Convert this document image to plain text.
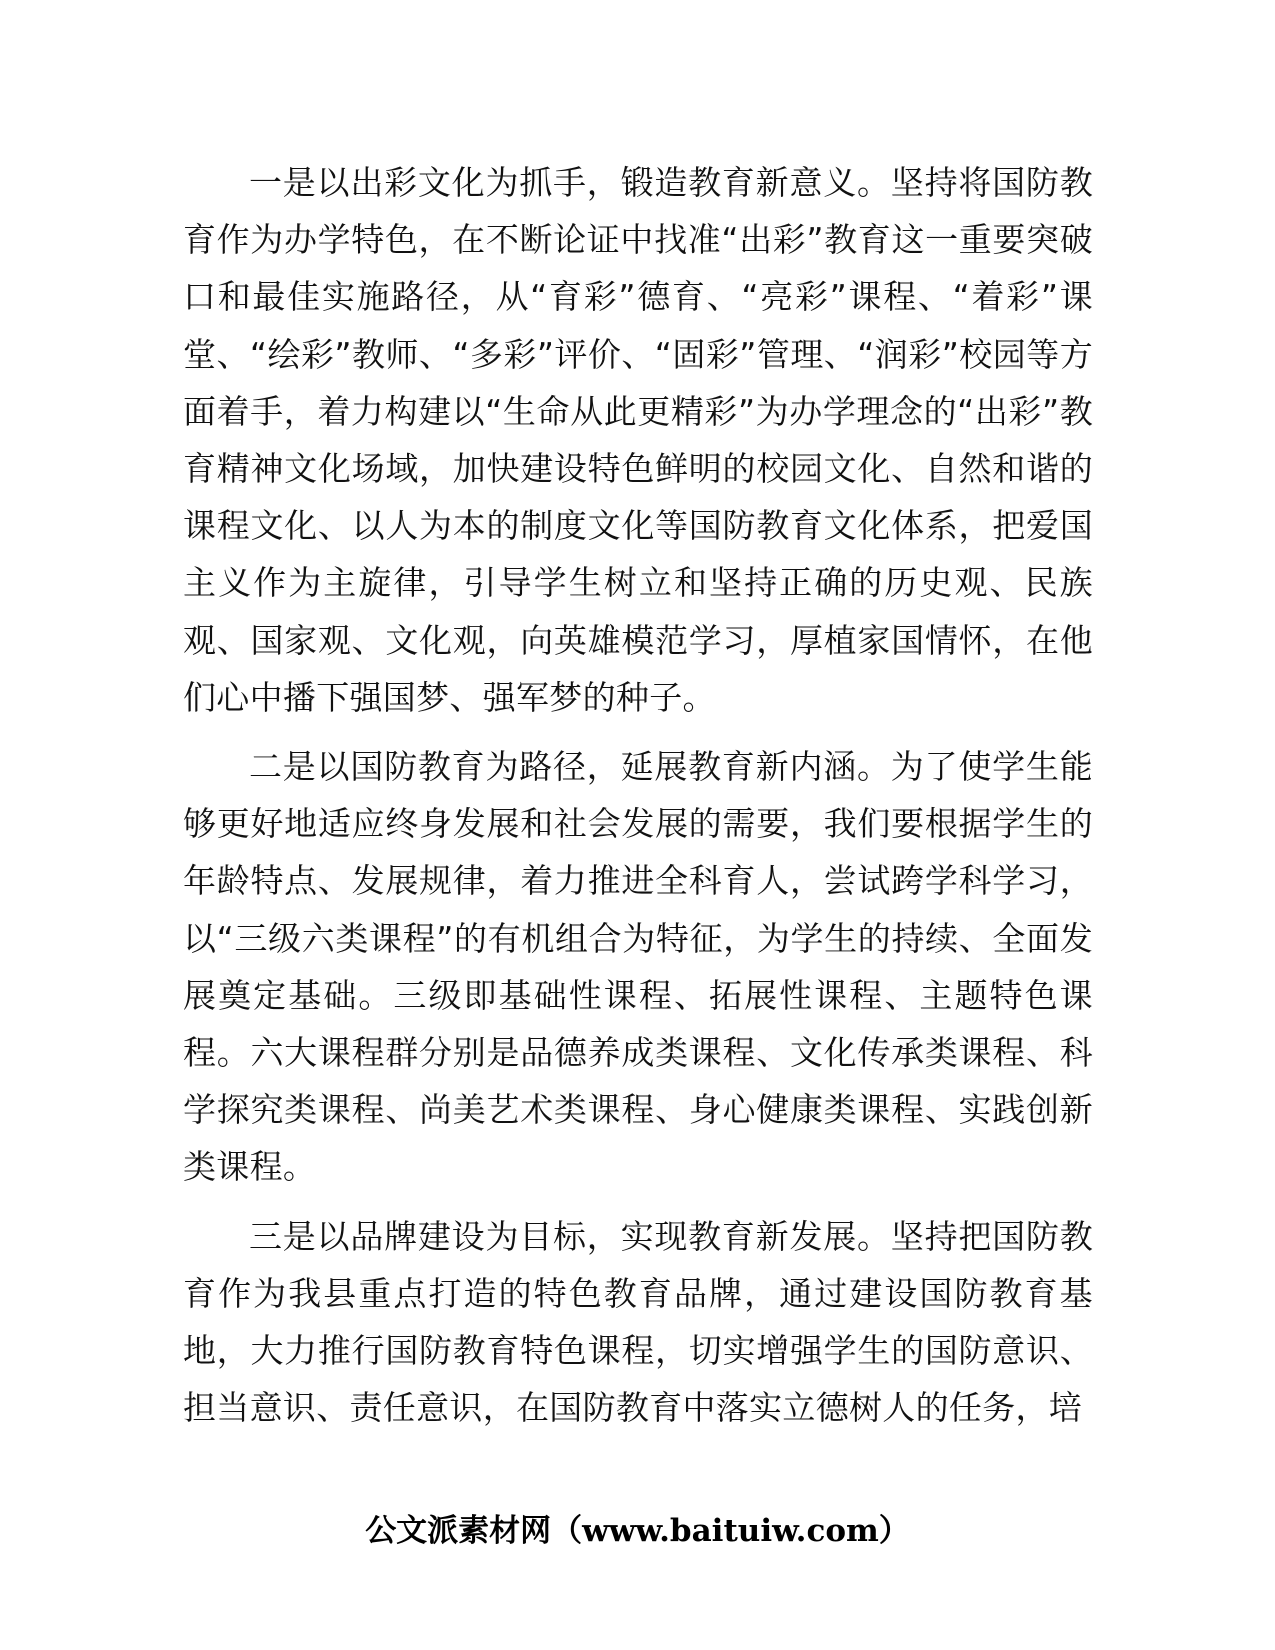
一是以出彩文化为抓手，锻造教育新意义。坚持将国防教育作为办学特色，在不断论证中找准“出彩”教育这一重要突破口和最佳实施路径，从“育彩”德育、“亮彩”课程、“着彩”课堂、“绘彩”教师、“多彩”评价、“固彩”管理、“润彩”校园等方面着手，着力构建以“生命从此更精彩”为办学理念的“出彩”教育精神文化场域，加快建设特色鲜明的校园文化、自然和谐的课程文化、以人为本的制度文化等国防教育文化体系，把爱国主义作为主旋律，引导学生树立和坚持正确的历史观、民族观、国家观、文化观，向英雄模范学习，厚植家国情怀，在他们心中播下强国梦、强军梦的种子。

二是以国防教育为路径，延展教育新内涵。为了使学生能够更好地适应终身发展和社会发展的需要，我们要根据学生的年龄特点、发展规律，着力推进全科育人，尝试跨学科学习，以“三级六类课程”的有机组合为特征，为学生的持续、全面发展奠定基础。三级即基础性课程、拓展性课程、主题特色课程。六大课程群分别是品德养成类课程、文化传承类课程、科学探究类课程、尚美艺术类课程、身心健康类课程、实践创新类课程。

三是以品牌建设为目标，实现教育新发展。坚持把国防教育作为我县重点打造的特色教育品牌，通过建设国防教育基地，大力推行国防教育特色课程，切实增强学生的国防意识、担当意识、责任意识，在国防教育中落实立德树人的任务，培

公文派素材网（www.baituiw.com）
